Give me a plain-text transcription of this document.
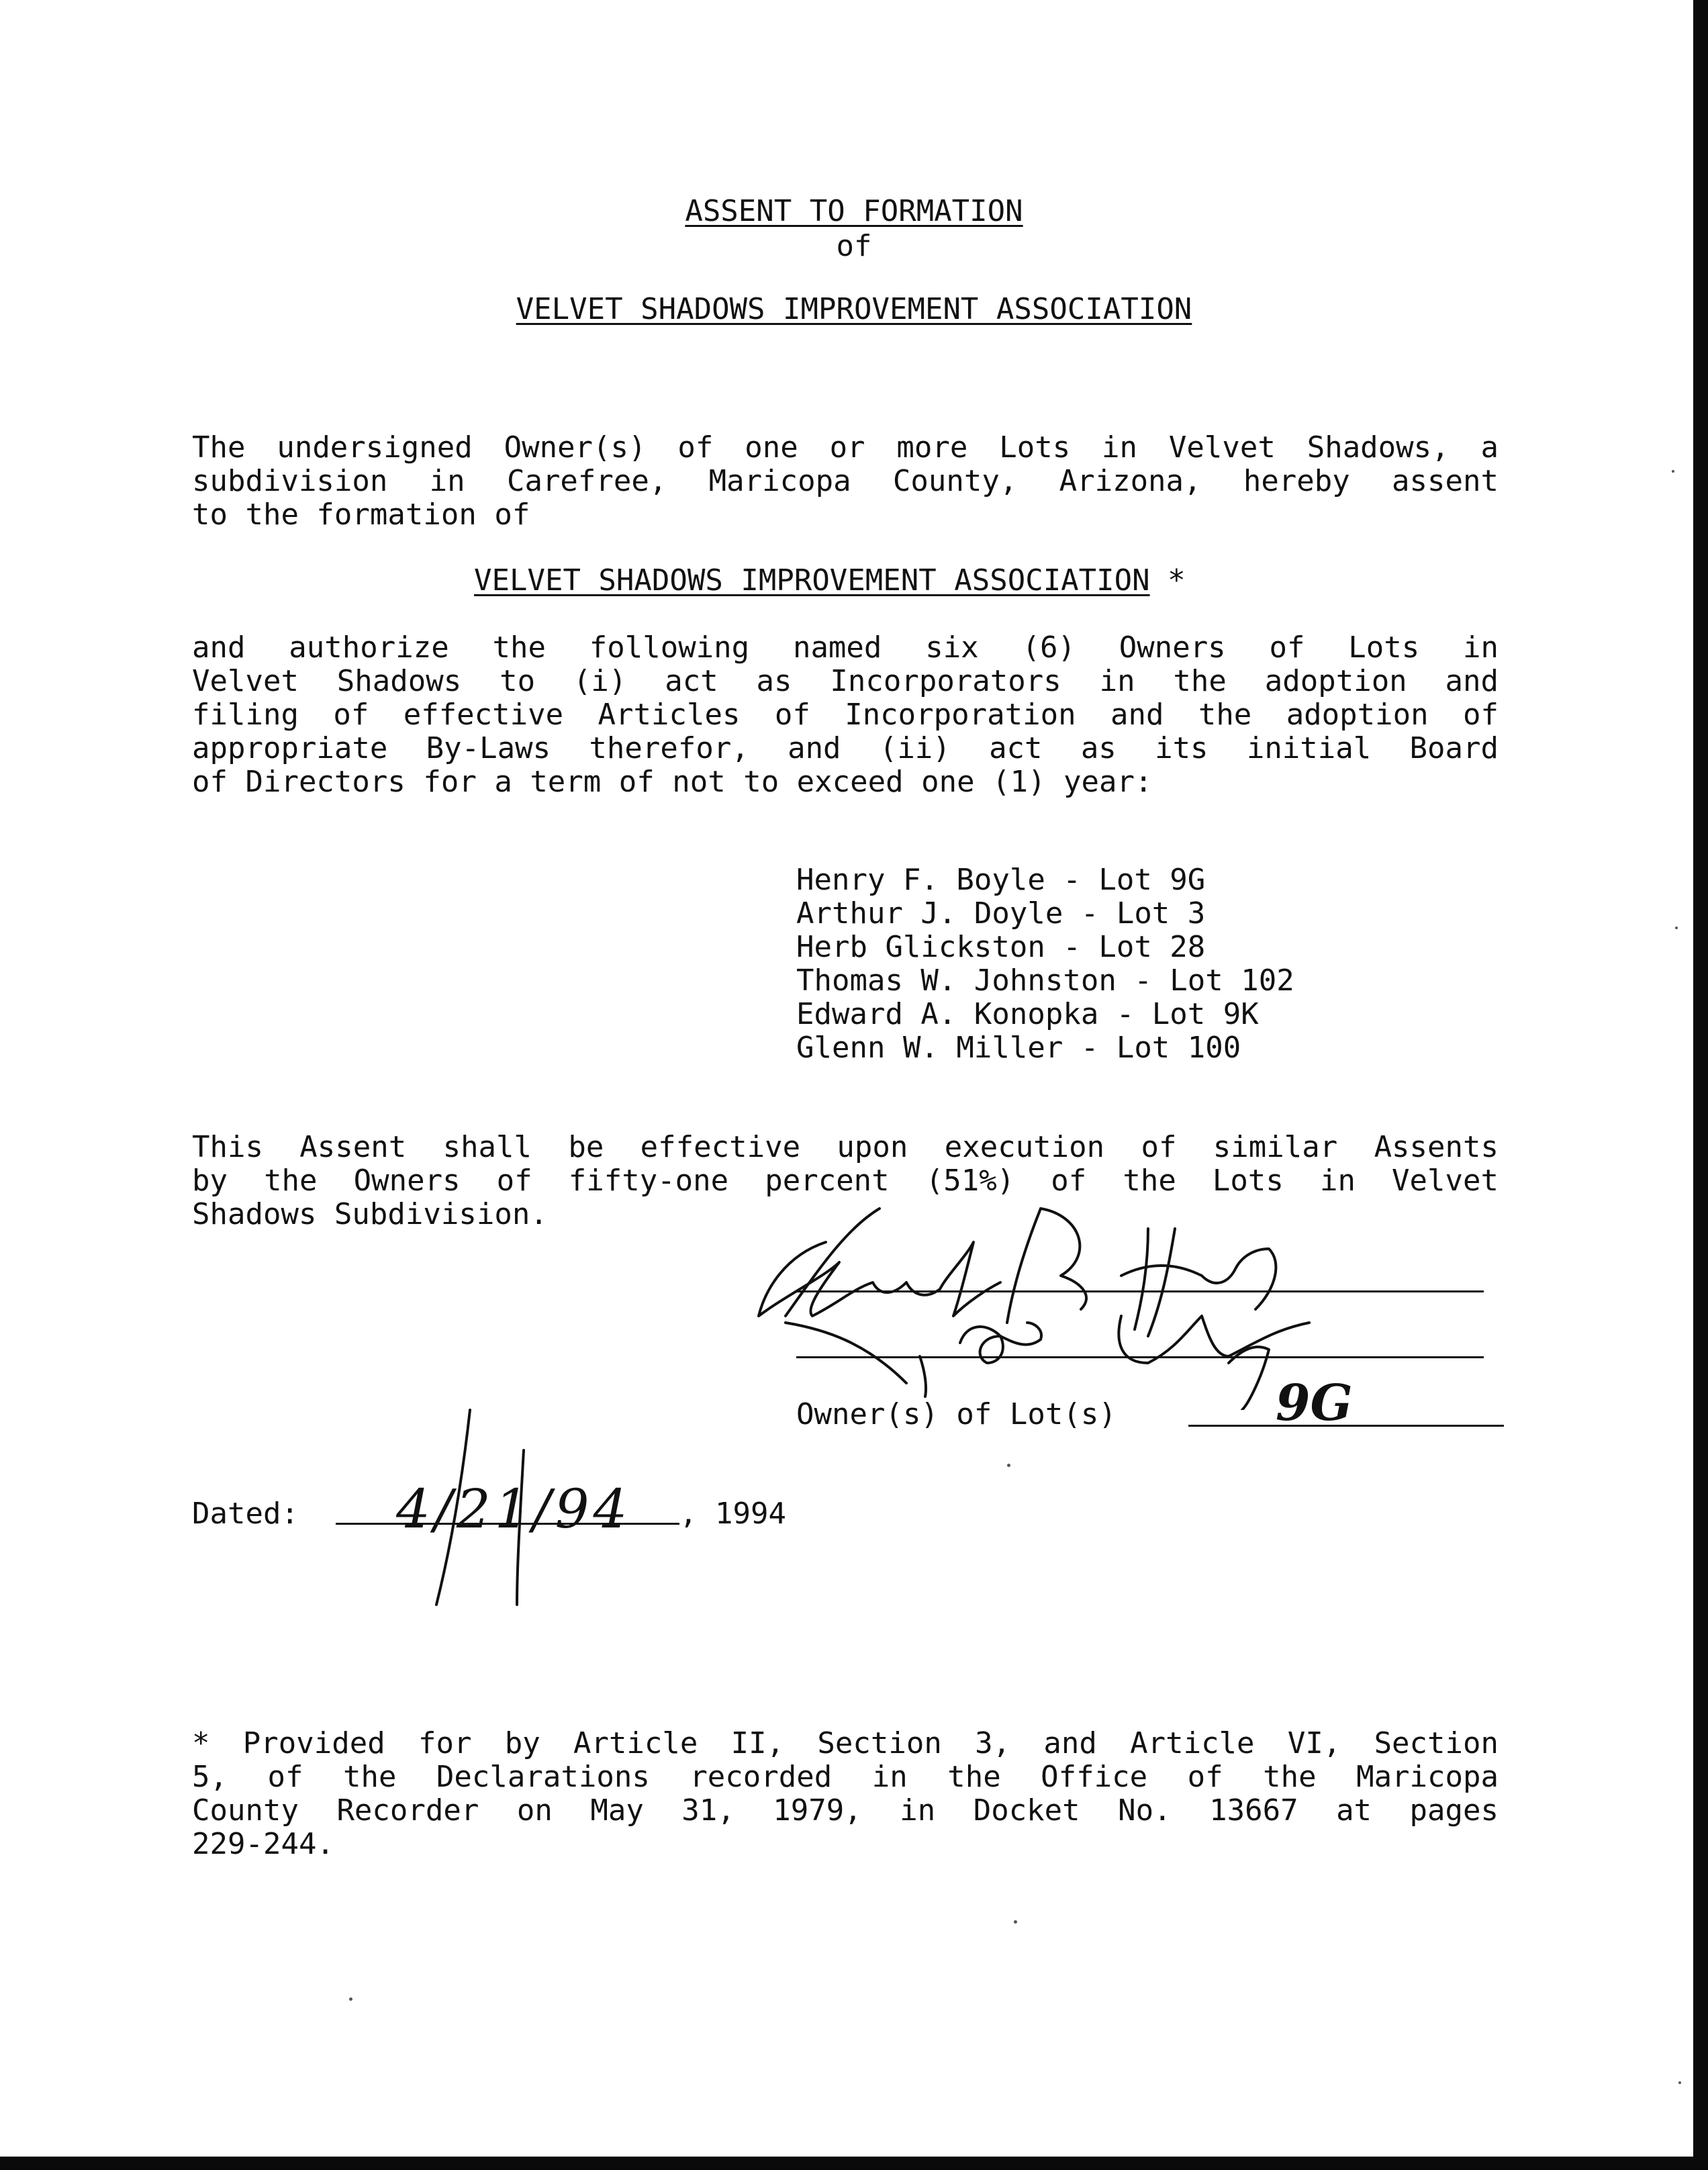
ASSENT TO FORMATION
of
VELVET SHADOWS IMPROVEMENT ASSOCIATION
The undersigned Owner(s) of one or more Lots in Velvet Shadows, a
subdivision in Carefree, Maricopa County, Arizona, hereby assent
to the formation of
VELVET SHADOWS IMPROVEMENT ASSOCIATION *
and authorize the following named six (6) Owners of Lots in
Velvet Shadows to (i) act as Incorporators in the adoption and
filing of effective Articles of Incorporation and the adoption of
appropriate By-Laws therefor, and (ii) act as its initial Board
of Directors for a term of not to exceed one (1) year:
Henry F. Boyle - Lot 9G
Arthur J. Doyle - Lot 3
Herb Glickston - Lot 28
Thomas W. Johnston - Lot 102
Edward A. Konopka - Lot 9K
Glenn W. Miller - Lot 100
This Assent shall be effective upon execution of similar Assents
by the Owners of fifty-one percent (51%) of the Lots in Velvet
Shadows Subdivision.
Owner(s) of Lot(s)	9G
Dated:	, 1994
4/21/94
* Provided for by Article II, Section 3, and Article VI, Section
5, of the Declarations recorded in the Office of the Maricopa
County Recorder on May 31, 1979, in Docket No. 13667 at pages
229-244.
